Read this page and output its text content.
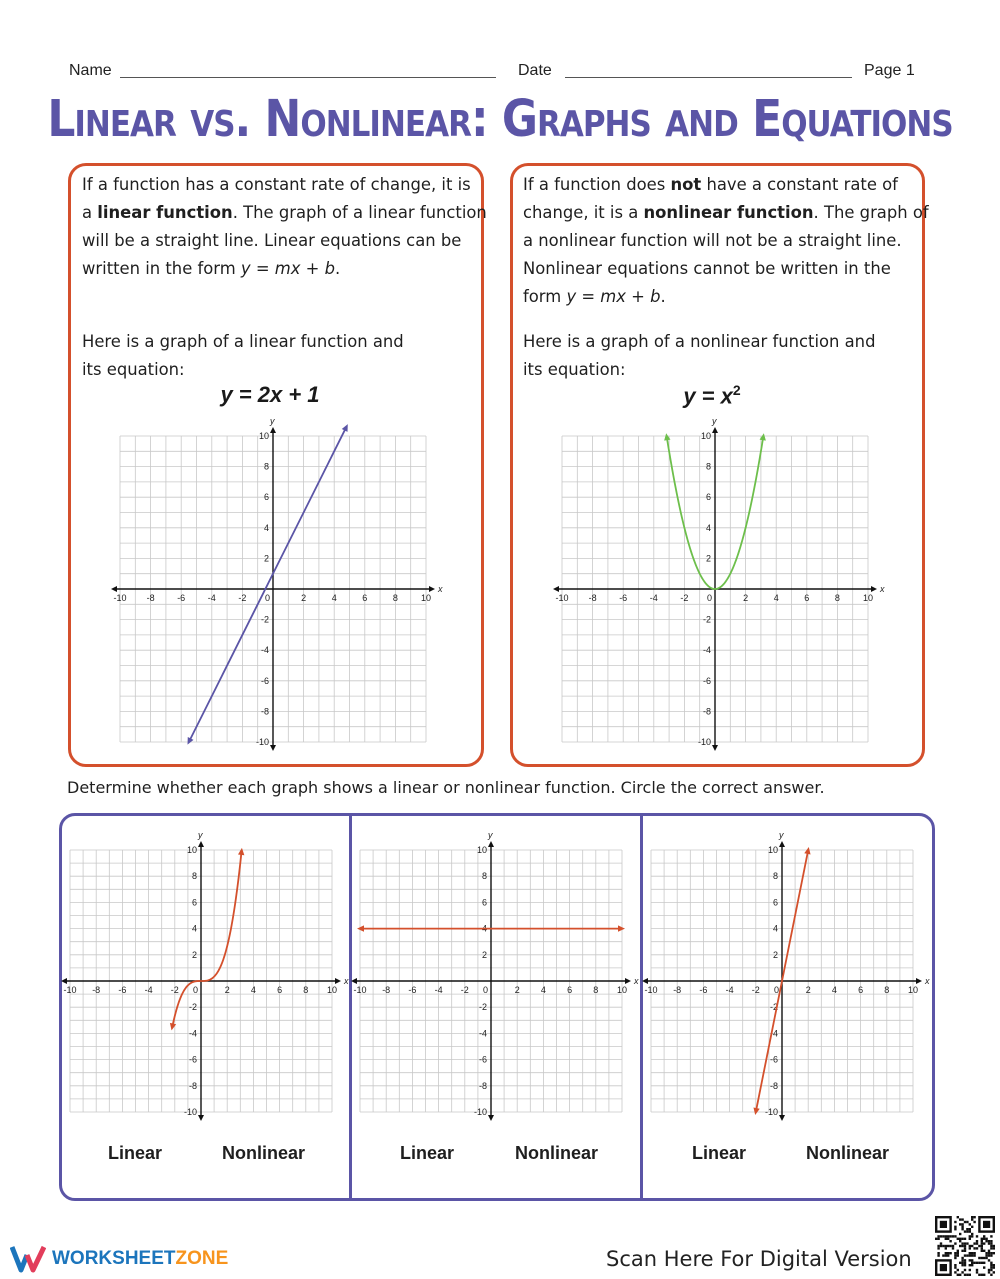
Name	Date	Page 1
Linear vs. Nonlinear: Graphs and Equations
If a function has a constant rate of change, it is
a linear function. The graph of a linear function
will be a straight line. Linear equations can be
written in the form y = mx + b.
Here is a graph of a linear function and
its equation:
y = 2x + 1
If a function does not have a constant rate of
change, it is a nonlinear function. The graph of
a nonlinear function will not be a straight line.
Nonlinear equations cannot be written in the
form y = mx + b.
Here is a graph of a nonlinear function and
its equation:
$y = x^2$
x
y
-10
-10
-8
-8
-6
-6
-4
-4
-2
-2
0	2
2
4
4
6
6
8
8
10
10
x
y
-10
-10
-8
-8
-6
-6
-4
-4
-2
-2
0	2
2
4
4
6
6
8
8
10
10
Determine whether each graph shows a linear or nonlinear function. Circle the correct answer.
x
y
-10
-10
-8
-8
-6
-6
-4
-4
-2
-2
0	2
2
4
4
6
6
8
8
10
10
x
y
-10
-10
-8
-8
-6
-6
-4
-4
-2
-2
0	2
2
4
4
6
6
8
8
10
10
x
y
-10
-10
-8
-8
-6
-6
-4
-4
-2
-2
0	2
2
4
4
6
6
8
8
10
10
Linear	Nonlinear	Linear	Nonlinear	Linear	Nonlinear
WORKSHEETZONE	Scan Here For Digital Version
